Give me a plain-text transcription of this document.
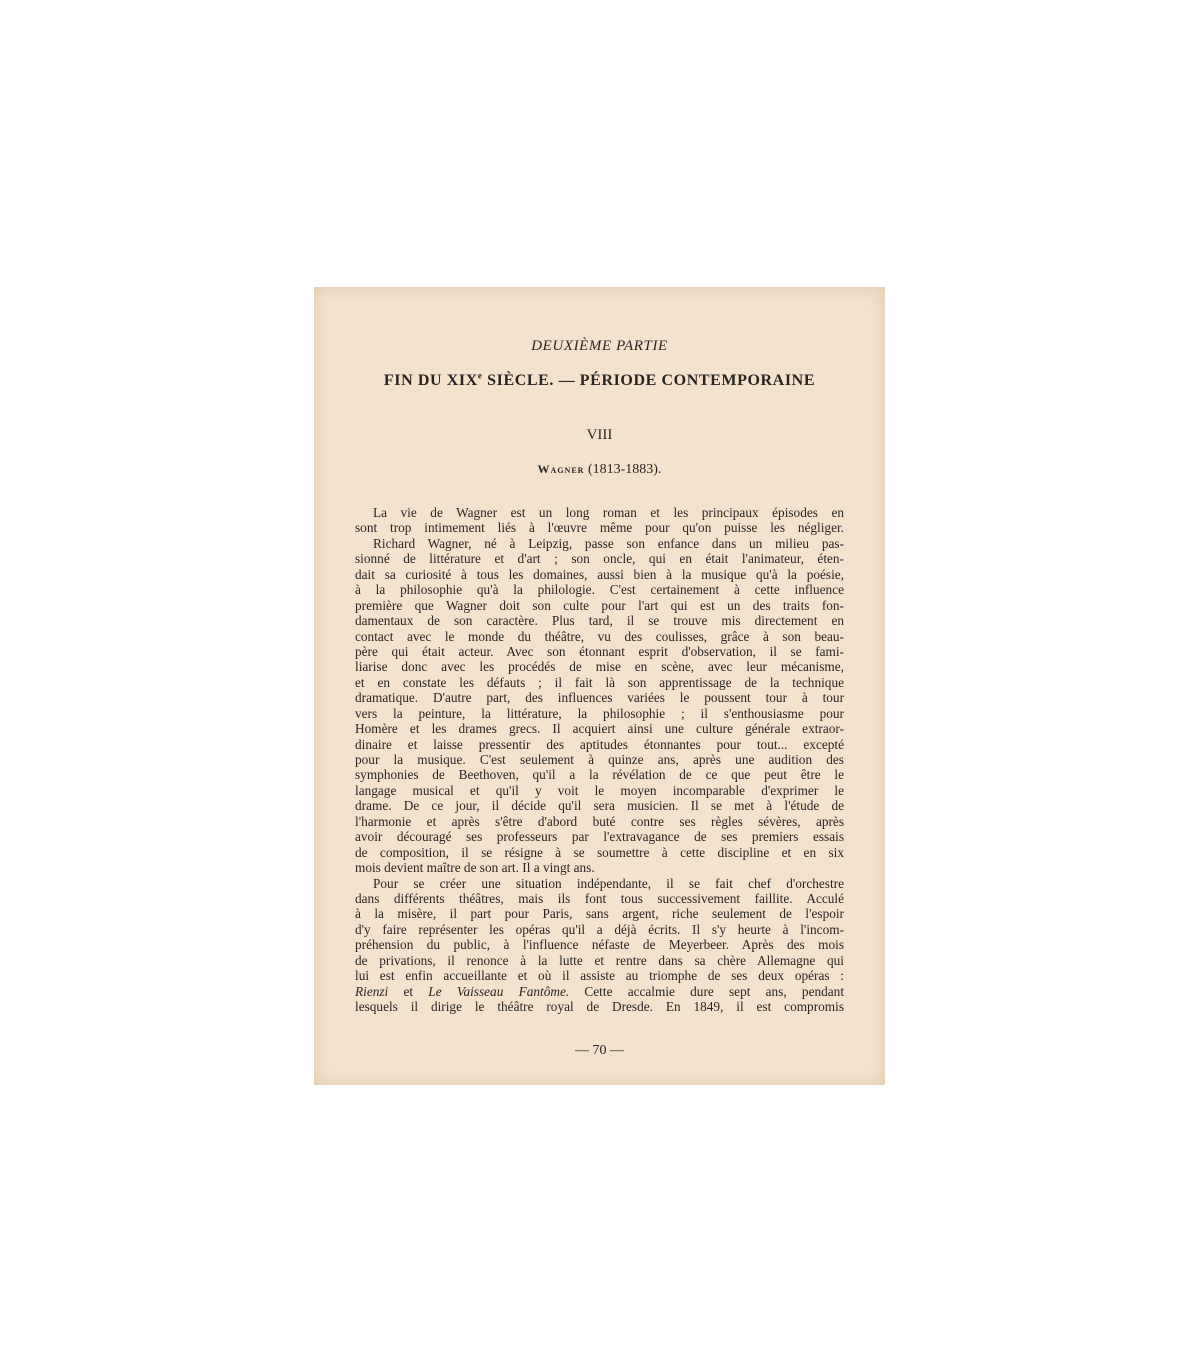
DEUXIÈME PARTIE
FIN DU XIXe SIÈCLE. — PÉRIODE CONTEMPORAINE
VIII
Wagner (1813-1883).
La vie de Wagner est un long roman et les principaux épisodes en
sont trop intimement liés à l'œuvre même pour qu'on puisse les négliger.
Richard Wagner, né à Leipzig, passe son enfance dans un milieu pas-
sionné de littérature et d'art ; son oncle, qui en était l'animateur, éten-
dait sa curiosité à tous les domaines, aussi bien à la musique qu'à la poésie,
à la philosophie qu'à la philologie. C'est certainement à cette influence
première que Wagner doit son culte pour l'art qui est un des traits fon-
damentaux de son caractère. Plus tard, il se trouve mis directement en
contact avec le monde du théâtre, vu des coulisses, grâce à son beau-
père qui était acteur. Avec son étonnant esprit d'observation, il se fami-
liarise donc avec les procédés de mise en scène, avec leur mécanisme,
et en constate les défauts ; il fait là son apprentissage de la technique
dramatique. D'autre part, des influences variées le poussent tour à tour
vers la peinture, la littérature, la philosophie ; il s'enthousiasme pour
Homère et les drames grecs. Il acquiert ainsi une culture générale extraor-
dinaire et laisse pressentir des aptitudes étonnantes pour tout... excepté
pour la musique. C'est seulement à quinze ans, après une audition des
symphonies de Beethoven, qu'il a la révélation de ce que peut être le
langage musical et qu'il y voit le moyen incomparable d'exprimer le
drame. De ce jour, il décide qu'il sera musicien. Il se met à l'étude de
l'harmonie et après s'être d'abord buté contre ses règles sévères, après
avoir découragé ses professeurs par l'extravagance de ses premiers essais
de composition, il se résigne à se soumettre à cette discipline et en six
mois devient maître de son art. Il a vingt ans.
Pour se créer une situation indépendante, il se fait chef d'orchestre
dans différents théâtres, mais ils font tous successivement faillite. Acculé
à la misère, il part pour Paris, sans argent, riche seulement de l'espoir
d'y faire représenter les opéras qu'il a déjà écrits. Il s'y heurte à l'incom-
préhension du public, à l'influence néfaste de Meyerbeer. Après des mois
de privations, il renonce à la lutte et rentre dans sa chère Allemagne qui
lui est enfin accueillante et où il assiste au triomphe de ses deux opéras :
Rienzi et Le Vaisseau Fantôme. Cette accalmie dure sept ans, pendant
lesquels il dirige le théâtre royal de Dresde. En 1849, il est compromis
— 70 —
